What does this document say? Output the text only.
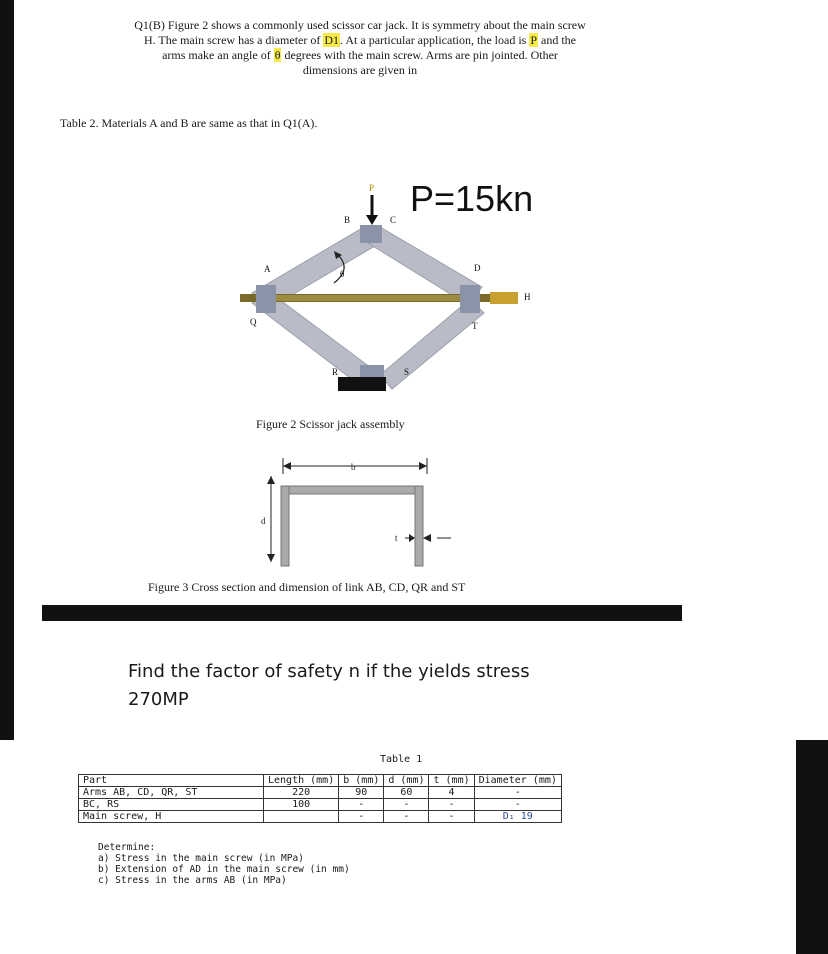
Q1(B) Figure 2 shows a commonly used scissor car jack. It is symmetry about the main screw
H. The main screw has a diameter of D1. At a particular application, the load is P and the
arms make an angle of θ degrees with the main screw. Arms are pin jointed. Other
dimensions are given in
Table 2. Materials A and B are same as that in Q1(A).
P
B	C
A	D
H
Q	T
R	S
θ
P=15kn
Figure 2 Scissor jack assembly
b
d
t
Figure 3 Cross section and dimension of link AB, CD, QR and ST
Find the factor of safety n if the yields stress
270MP
Table 1
Part	Length (mm)	b (mm)	d (mm)	t (mm)	Diameter (mm)
Arms AB, CD, QR, ST	220	90	60	4	-
BC, RS	100	-	-	-	-
Main screw, H		-	-	-	D₁ 19
Determine:
a) Stress in the main screw (in MPa)
b) Extension of AD in the main screw (in mm)
c) Stress in the arms AB (in MPa)
